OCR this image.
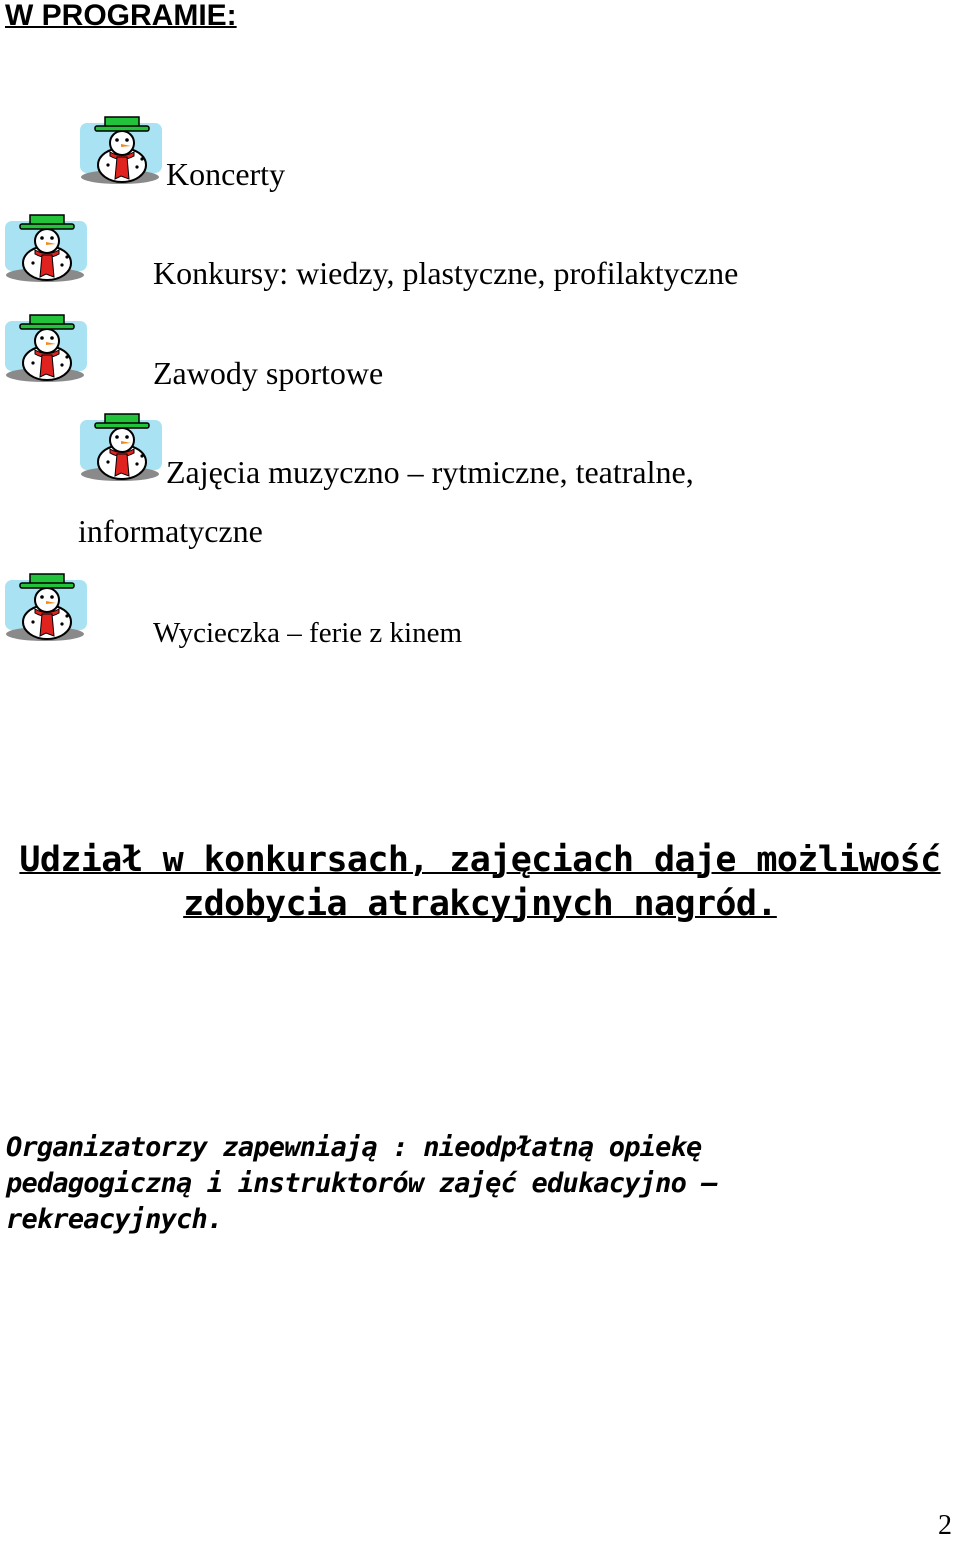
W PROGRAMIE:
Koncerty
Konkursy: wiedzy, plastyczne, profilaktyczne
Zawody sportowe
Zajęcia muzyczno – rytmiczne, teatralne,
informatyczne
Wycieczka – ferie z kinem
Udział w konkursach, zajęciach daje możliwość
zdobycia atrakcyjnych nagród.
Organizatorzy zapewniają : nieodpłatną opiekę
pedagogiczną i instruktorów zajęć edukacyjno –
rekreacyjnych.
2
